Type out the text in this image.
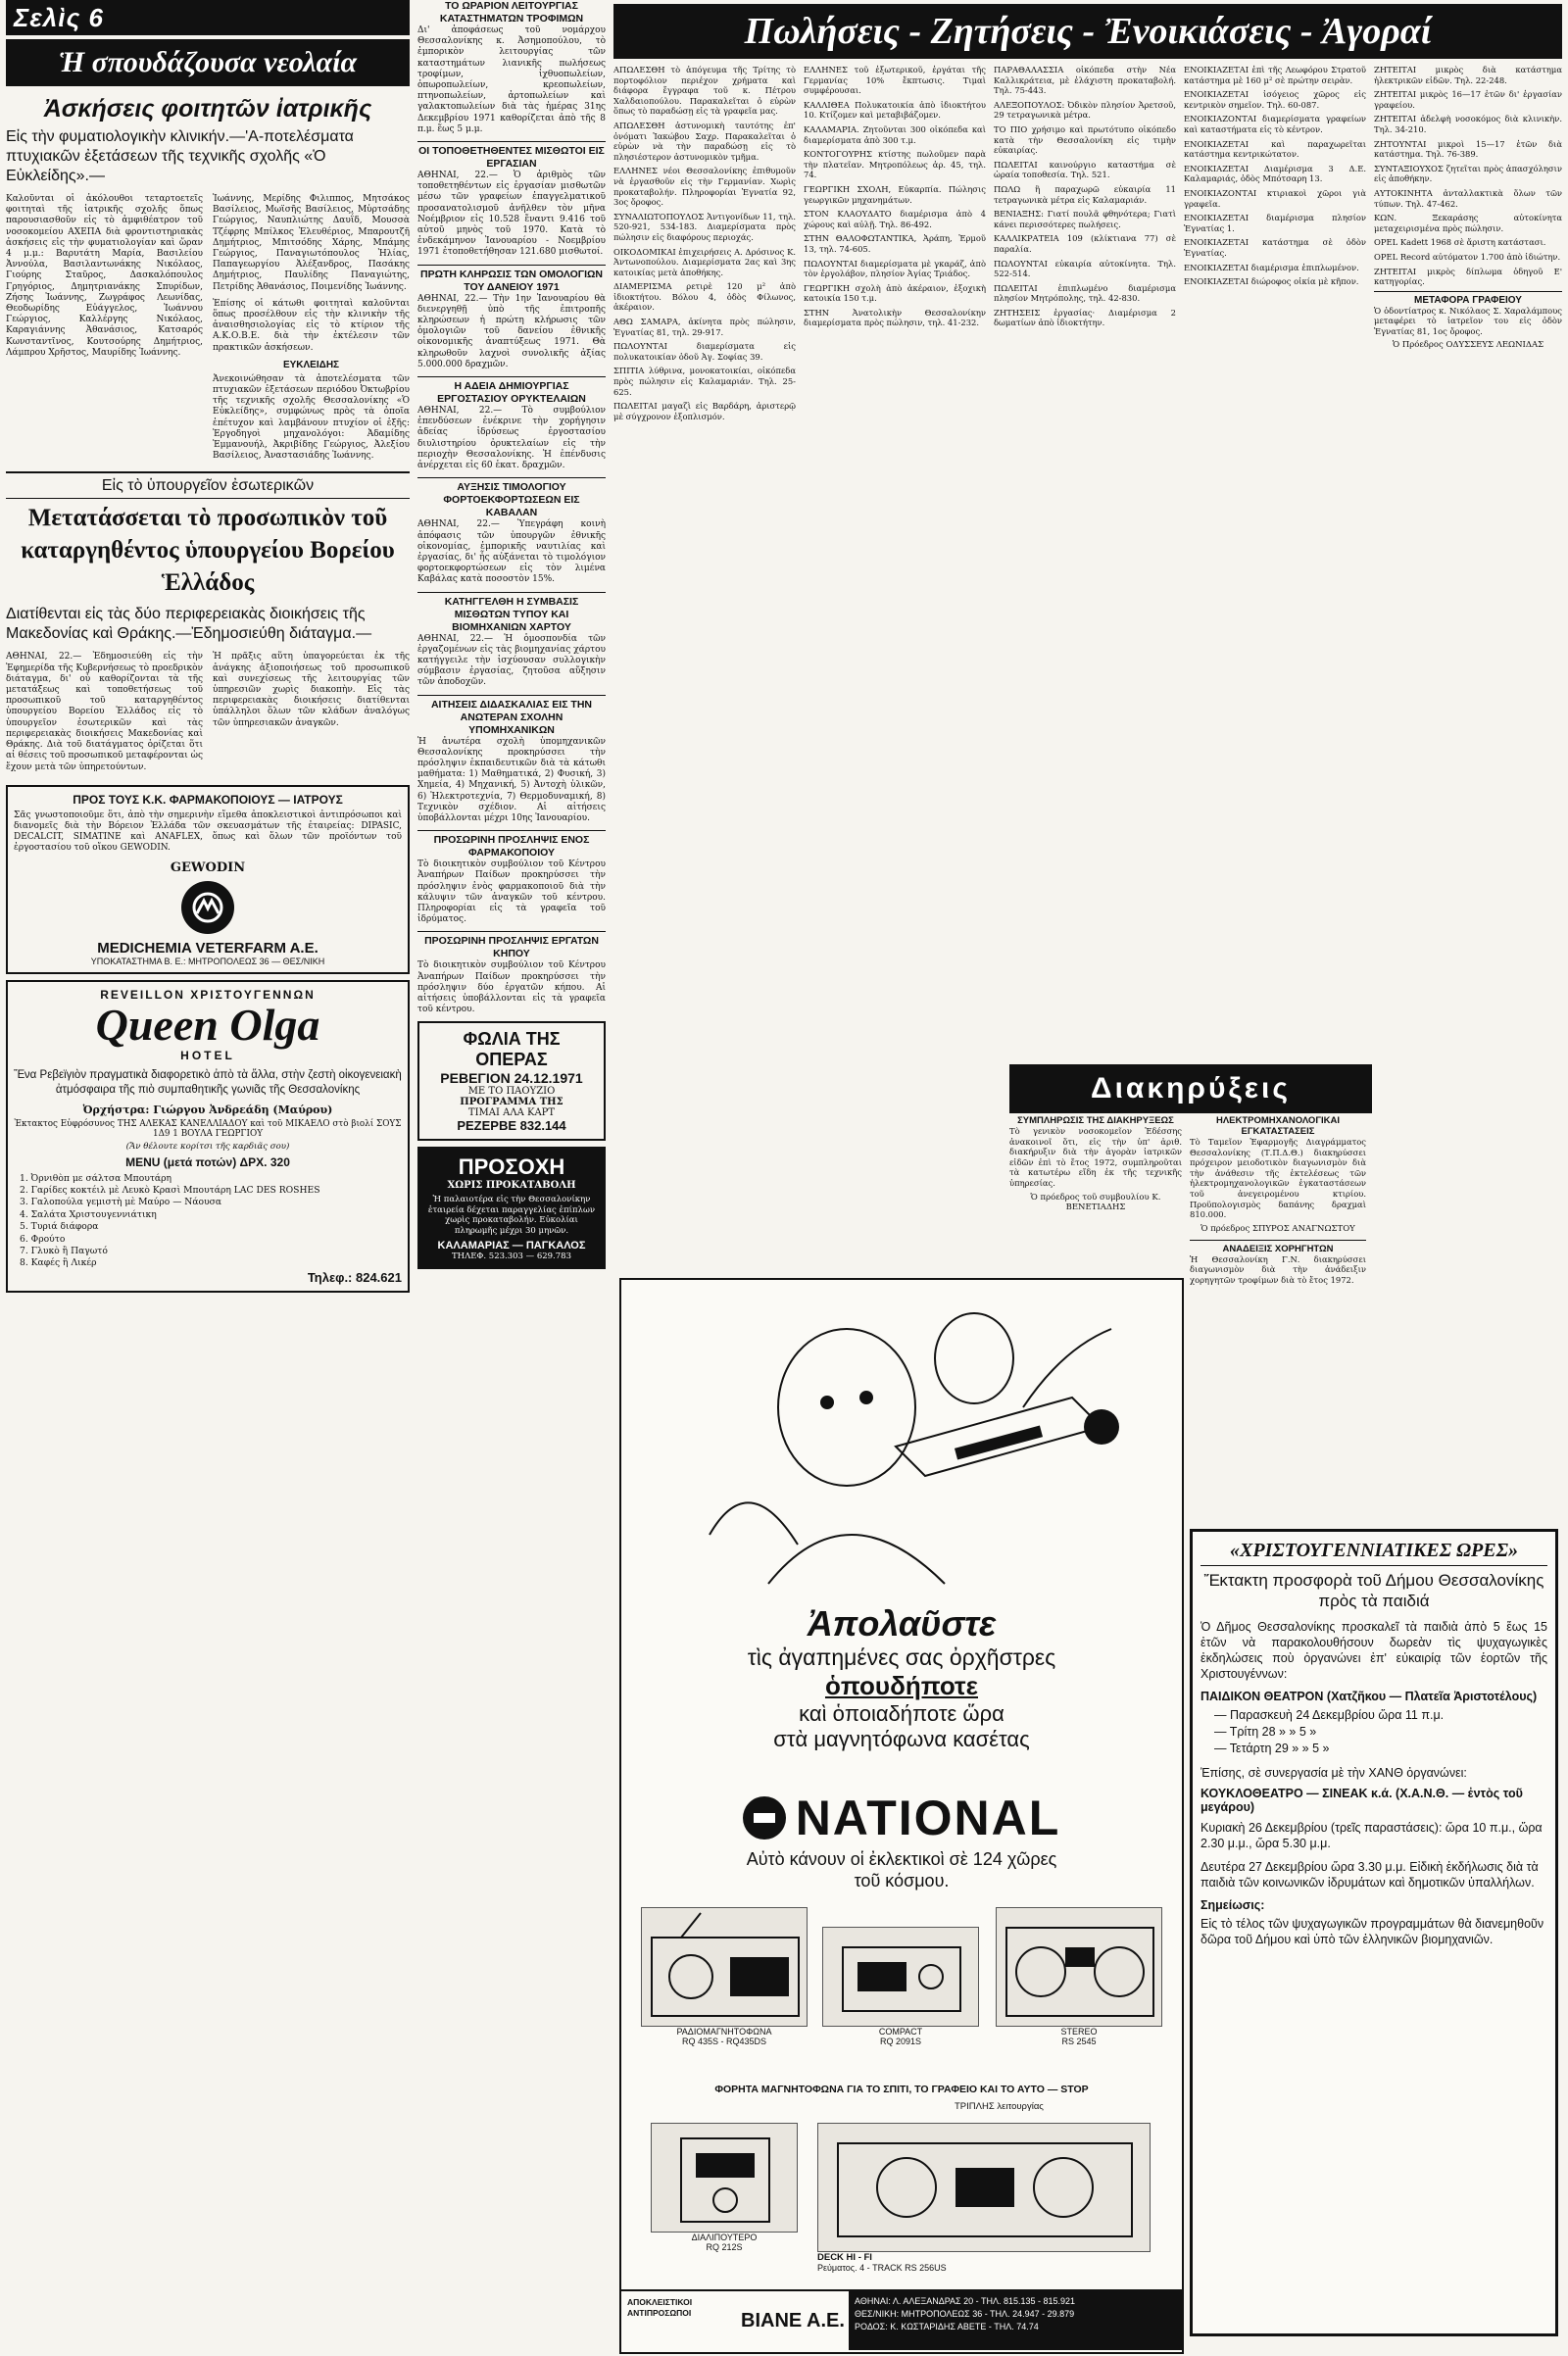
Σελὶς 6
Ἡ σπουδάζουσα νεολαία
Ἀσκήσεις φοιτητῶν ἰατρικῆς
Εἰς τὴν φυματιολογικὴν κλινικήν.—'Α-ποτελέσματα πτυχιακῶν ἐξετάσεων τῆς τεχνικῆς σχολῆς «Ὁ Εὐκλείδης».—

Καλοῦνται οἱ ἀκόλουθοι τεταρτοετεῖς φοιτηταὶ τῆς ἰατρικῆς σχολῆς ὅπως παρουσιασθοῦν εἰς τὸ ἀμφιθέατρον τοῦ νοσοκομείου ΑΧΕΠΑ διὰ φροντιστηριακὰς ἀσκήσεις εἰς τὴν φυματιολογίαν καὶ ὥραν 4 μ.μ.: Βαρυτάτη Μαρία, Βασιλείου Ἀννούλα, Βασιλαντωνάκης Νικόλαος, Γιούρης Σταῦρος, Δασκαλόπουλος Γρηγόριος, Δημητριανάκης Σπυρίδων, Ζήσης Ἰωάννης, Ζωγράφος Λεωνίδας, Θεοδωρίδης Εὐάγγελος, Ἰωάννου Γεώργιος, Καλλέργης Νικόλαος, Καραγιάννης Ἀθανάσιος, Κατσαρός Κωνσταντῖνος, Κουτσούρης Δημήτριος, Λάμπρου Χρῆστος, Μαυρίδης Ἰωάννης.

Ἰωάννης, Μερίδης Φιλιππος, Μητσάκος Βασίλειος, Μωϊσῆς Βασίλειος, Μὑρτσάδης Γεώργιος, Ναυπλιώτης Δαυΐδ, Μουσσὰ Τζέφρης Μπίλκος Ἐλευθέριος, Μπαρουτζῆ Δημήτριος, Μπιτσόδης Χάρης, Μπάμης Γεώργιος, Παναγιωτόπουλος Ἠλίας, Παπαγεωργίου Ἀλέξανδρος, Πασάκης Δημήτριος, Παυλίδης Παναγιώτης, Πετρίδης Ἀθανάσιος, Ποιμενίδης Ἰωάννης.

Ἐπίσης οἱ κάτωθι φοιτηταὶ καλοῦνται ὅπως προσέλθουν εἰς τὴν κλινικὴν τῆς ἀναισθησιολογίας εἰς τὸ κτίριον τῆς Α.Κ.Ο.Β.Ε. διὰ τὴν ἐκτέλεσιν τῶν πρακτικῶν ἀσκήσεων.

ΕΥΚΛΕΙΔΗΣ

Ἀνεκοινώθησαν τὰ ἀποτελέσματα τῶν πτυχιακῶν ἐξετάσεων περιόδου Ὀκτωβρίου τῆς τεχνικῆς σχολῆς Θεσσαλονίκης «Ὁ Εὐκλείδης», συμφώνως πρὸς τὰ ὁποῖα ἐπέτυχον καὶ λαμβάνουν πτυχίον οἱ ἑξῆς: Ἐργοδηγοὶ μηχανολόγοι: Ἀδαμίδης Ἐμμανουήλ, Ἀκριβίδης Γεώργιος, Ἀλεξίου Βασίλειος, Ἀναστασιάδης Ἰωάννης.

Εἰς τὸ ὑπουργεῖον ἐσωτερικῶν
Μετατάσσεται τὸ προσωπικὸν τοῦ καταργηθέντος ὑπουργείου Βορείου Ἑλλάδος
Διατίθενται εἰς τὰς δύο περιφερειακὰς διοικήσεις τῆς Μακεδονίας καὶ Θράκης.—Ἐδημοσιεύθη διάταγμα.—

ΑΘΗΝΑΙ, 22.— Ἐδημοσιεύθη εἰς τὴν Ἐφημερίδα τῆς Κυβερνήσεως τὸ προεδρικὸν διάταγμα, δι' οὗ καθορίζονται τὰ τῆς μετατάξεως καὶ τοποθετήσεως τοῦ προσωπικοῦ τοῦ καταργηθέντος ὑπουργείου Βορείου Ἑλλάδος εἰς τὸ ὑπουργεῖον ἐσωτερικῶν καὶ τὰς περιφερειακὰς διοικήσεις Μακεδονίας καὶ Θράκης. Διὰ τοῦ διατάγματος ὁρίζεται ὅτι αἱ θέσεις τοῦ προσωπικοῦ μεταφέρονται ὡς ἔχουν μετὰ τῶν ὑπηρετούντων.

Ἡ πρᾶξις αὕτη ὑπαγορεύεται ἐκ τῆς ἀνάγκης ἀξιοποιήσεως τοῦ προσωπικοῦ καὶ συνεχίσεως τῆς λειτουργίας τῶν ὑπηρεσιῶν χωρὶς διακοπὴν. Εἰς τὰς περιφερειακὰς διοικήσεις διατίθενται ὑπάλληλοι ὅλων τῶν κλάδων ἀναλόγως τῶν ὑπηρεσιακῶν ἀναγκῶν.

ΠΡΟΣ ΤΟΥΣ Κ.Κ. ΦΑΡΜΑΚΟΠΟΙΟΥΣ — ΙΑΤΡΟΥΣ

Σᾶς γνωστοποιοῦμε ὅτι, ἀπὸ τὴν σημερινὴν εἴμεθα ἀποκλειστικοὶ ἀντιπρόσωποι καὶ διανομεῖς διὰ τὴν Βόρειον Ἑλλάδα τῶν σκευασμάτων τῆς ἐταιρείας: DIPASIC, DECALCIT, SIMATINE καὶ ANAFLEX, ὅπως καὶ ὅλων τῶν προϊόντων τοῦ ἐργοστασίου τοῦ οἴκου GEWODIN.

GEWODIN
MEDICHEMIA VETERFARM A.E.
ΥΠΟΚΑΤΑΣΤΗΜΑ Β. Ε.: ΜΗΤΡΟΠΟΛΕΩΣ 36 — ΘΕΣ/ΝΙΚΗ
REVEILLON ΧΡΙΣΤΟΥΓΕΝΝΩΝ
Queen Olga
HOTEL

Ἕνα Ρεβεϊγιὸν πραγματικὰ διαφορετικὸ ἀπὸ τὰ ἄλλα, στὴν ζεστὴ οἰκογενειακὴ ἀτμόσφαιρα τῆς πιὸ συμπαθητικῆς γωνιᾶς τῆς Θεσσαλονίκης

Ὀρχήστρα: Γιώργου Ἀνδρεάδη (Μαύρου)
Ἐκτακτος Εὐφρόσυνος ΤΗΣ ΑΛΕΚΑΣ ΚΑΝΕΛΛΙΑΔΟΥ καὶ τοῦ ΜΙΚΑΕΛΟ στὸ βιολί ΣΟΥΣ 1Δ9 1 ΒΟΥΛΑ ΓΕΩΡΓΙΟΥ
(Ἄν θέλουτε κορίτσι τῆς καρδιᾶς σου)
MENU (μετά ποτών) ΔΡΧ. 320
1. Ὀρνιθὸπ με σάλτσα Μπουτάρη
2. Γαρίδες κοκτέιλ μὲ Λευκὸ Κρασὶ Μπουτάρη LAC DES ROSHES
3. Γαλοπούλα γεμιστὴ μὲ Μαύρο — Νάουσα
4. Σαλάτα Χριστουγεννιάτικη
5. Τυριά διάφορα
6. Φρούτο
7. Γλυκὸ ἢ Παγωτό
8. Καφές ἢ Λικέρ
Τηλεφ.: 824.621
ΤΟ ΩΡΑΡΙΟΝ ΛΕΙΤΟΥΡΓΙΑΣ ΚΑΤΑΣΤΗΜΑΤΩΝ ΤΡΟΦΙΜΩΝ

Δι' ἀποφάσεως τοῦ νομάρχου Θεσσαλονίκης κ. Ἀσημοπούλου, τὸ ἐμπορικὸν λειτουργίας τῶν καταστημάτων λιανικῆς πωλήσεως τροφίμων, ἰχθυοπωλείων, ὀπωροπωλείων, κρεοπωλείων, πτηνοπωλείων, ἀρτοπωλείων καὶ γαλακτοπωλείων διὰ τὰς ἡμέρας 31ης Δεκεμβρίου 1971 καθορίζεται ἀπὸ τῆς 8 π.μ. ἕως 5 μ.μ.

ΟΙ ΤΟΠΟΘΕΤΗΘΕΝΤΕΣ ΜΙΣΘΩΤΟΙ ΕΙΣ ΕΡΓΑΣΙΑΝ

ΑΘΗΝΑΙ, 22.— Ὁ ἀριθμὸς τῶν τοποθετηθέντων εἰς ἐργασίαν μισθωτῶν μέσω τῶν γραφείων ἐπαγγελματικοῦ προσανατολισμοῦ ἀνῆλθεν τὸν μῆνα Νοέμβριον εἰς 10.528 ἔναντι 9.416 τοῦ αὐτοῦ μηνὸς τοῦ 1970. Κατὰ τὸ ἑνδεκάμηνον Ἰανουαρίου - Νοεμβρίου 1971 ἐτοποθετήθησαν 121.680 μισθωτοί.

ΠΡΩΤΗ ΚΛΗΡΩΣΙΣ ΤΩΝ ΟΜΟΛΟΓΙΩΝ ΤΟΥ ΔΑΝΕΙΟΥ 1971

ΑΘΗΝΑΙ, 22.— Τὴν 1ην Ἰανουαρίου θὰ διενεργηθῇ ὑπὸ τῆς ἐπιτροπῆς κληρώσεων ἡ πρώτη κλήρωσις τῶν ὁμολογιῶν τοῦ δανείου ἐθνικῆς οἰκονομικῆς ἀναπτύξεως 1971. Θὰ κληρωθοῦν λαχνοὶ συνολικῆς ἀξίας 5.000.000 δραχμῶν.

Η ΑΔΕΙΑ ΔΗΜΙΟΥΡΓΙΑΣ ΕΡΓΟΣΤΑΣΙΟΥ ΟΡΥΚΤΕΛΑΙΩΝ

ΑΘΗΝΑΙ, 22.— Τὸ συμβούλιον ἐπενδύσεων ἐνέκρινε τὴν χορήγησιν ἀδείας ἱδρύσεως ἐργοστασίου διυλιστηρίου ὀρυκτελαίων εἰς τὴν περιοχὴν Θεσσαλονίκης. Ἡ ἐπένδυσις ἀνέρχεται εἰς 60 ἑκατ. δραχμῶν.

ΑΥΞΗΣΙΣ ΤΙΜΟΛΟΓΙΟΥ ΦΟΡΤΟΕΚΦΟΡΤΩΣΕΩΝ ΕΙΣ ΚΑΒΑΛΑΝ

ΑΘΗΝΑΙ, 22.— Ὑπεγράφη κοινὴ ἀπόφασις τῶν ὑπουργῶν ἐθνικῆς οἰκονομίας, ἐμπορικῆς ναυτιλίας καὶ ἐργασίας, δι' ἧς αὐξάνεται τὸ τιμολόγιον φορτοεκφορτώσεων εἰς τὸν λιμένα Καβάλας κατὰ ποσοστὸν 15%.

ΚΑΤΗΓΓΕΛΘΗ Η ΣΥΜΒΑΣΙΣ ΜΙΣΘΩΤΩΝ ΤΥΠΟΥ ΚΑΙ ΒΙΟΜΗΧΑΝΙΩΝ ΧΑΡΤΟΥ

ΑΘΗΝΑΙ, 22.— Ἡ ὁμοσπονδία τῶν ἐργαζομένων εἰς τὰς βιομηχανίας χάρτου κατήγγειλε τὴν ἰσχύουσαν συλλογικὴν σύμβασιν ἐργασίας, ζητοῦσα αὔξησιν τῶν ἀποδοχῶν.

ΑΙΤΗΣΕΙΣ ΔΙΔΑΣΚΑΛΙΑΣ ΕΙΣ ΤΗΝ ΑΝΩΤΕΡΑΝ ΣΧΟΛΗΝ ΥΠΟΜΗΧΑΝΙΚΩΝ

Ἡ ἀνωτέρα σχολὴ ὑπομηχανικῶν Θεσσαλονίκης προκηρύσσει τὴν πρόσληψιν ἐκπαιδευτικῶν διὰ τὰ κάτωθι μαθήματα: 1) Μαθηματικά, 2) Φυσική, 3) Χημεία, 4) Μηχανική, 5) Ἀντοχὴ ὑλικῶν, 6) Ἠλεκτροτεχνία, 7) Θερμοδυναμική, 8) Τεχνικὸν σχέδιον. Αἱ αἰτήσεις ὑποβάλλονται μέχρι 10ης Ἰανουαρίου.

ΠΡΟΣΩΡΙΝΗ ΠΡΟΣΛΗΨΙΣ ΕΝΟΣ ΦΑΡΜΑΚΟΠΟΙΟΥ

Τὸ διοικητικὸν συμβούλιον τοῦ Κέντρου Ἀναπήρων Παίδων προκηρύσσει τὴν πρόσληψιν ἑνὸς φαρμακοποιοῦ διὰ τὴν κάλυψιν τῶν ἀναγκῶν τοῦ κέντρου. Πληροφορίαι εἰς τὰ γραφεῖα τοῦ ἱδρύματος.

ΠΡΟΣΩΡΙΝΗ ΠΡΟΣΛΗΨΙΣ ΕΡΓΑΤΩΝ ΚΗΠΟΥ

Τὸ διοικητικὸν συμβούλιον τοῦ Κέντρου Ἀναπήρων Παίδων προκηρύσσει τὴν πρόσληψιν δύο ἐργατῶν κήπου. Αἱ αἰτήσεις ὑποβάλλονται εἰς τὰ γραφεῖα τοῦ κέντρου.

ΦΩΛΙΑ ΤΗΣ ΟΠΕΡΑΣ
ΡΕΒΕΓΙΟΝ 24.12.1971
ΜΕ ΤΟ ΠΑΟΥΖΙΟ
ΠΡΟΓΡΑΜΜΑ ΤΗΣ
ΤΙΜΑΙ ΑΛΑ ΚΑΡΤ
ΡΕΖΕΡΒΕ 832.144
ΠΡΟΣΟΧΗ
ΧΩΡΙΣ ΠΡΟΚΑΤΑΒΟΛΗ

Ἡ παλαιοτέρα εἰς τὴν Θεσσαλονίκην ἐταιρεία δέχεται παραγγελίας ἐπίπλων χωρὶς προκαταβολήν. Εὐκολίαι πληρωμῆς μέχρι 30 μηνῶν.

ΚΑΛΑΜΑΡΙΑΣ — ΠΑΓΚΑΛΟΣ
ΤΗΛΕΦ. 523.303 — 629.783
Πωλήσεις - Ζητήσεις - Ἐνοικιάσεις - Ἀγοραί

ΑΠΩΛΕΣΘΗ τὸ ἀπόγευμα τῆς Τρίτης τὸ πορτοφόλιον περιέχον χρήματα καὶ διάφορα ἔγγραφα τοῦ κ. Πέτρου Χαλδαιοπούλου. Παρακαλεῖται ὁ εὑρὼν ὅπως τὸ παραδώσῃ εἰς τὰ γραφεῖα μας.

ΑΠΩΛΕΣΘΗ ἀστυνομικὴ ταυτότης ἐπ' ὀνόματι Ἰακώβου Σαχρ. Παρακαλεῖται ὁ εὑρὼν νὰ τὴν παραδώσῃ εἰς τὸ πλησιέστερον ἀστυνομικὸν τμῆμα.

ΕΛΛΗΝΕΣ νέοι Θεσσαλονίκης ἐπιθυμοῦν νὰ ἐργασθοῦν εἰς τὴν Γερμανίαν. Χωρὶς προκαταβολήν. Πληροφορίαι Ἐγνατία 92, 3ος ὄροφος.

ΣΥΝΑΛΙΩΤΟΠΟΥΛΟΣ Ἀντιγονίδων 11, τηλ. 520-921, 534-183. Διαμερίσματα πρὸς πώλησιν εἰς διαφόρους περιοχάς.

ΟΙΚΟΔΟΜΙΚΑΙ ἐπιχειρήσεις Α. Δρόσινος Κ. Ἀντωνοπούλου. Διαμερίσματα 2ας καὶ 3ης κατοικίας μετὰ ἀποθήκης.

ΔΙΑΜΕΡΙΣΜΑ ρετιρὲ 120 μ² ἀπὸ ἰδιοκτήτου. Βόλου 4, ὁδὸς Φίλωνος, ἀκέραιον.

ΑΘΩ ΣΑΜΑΡΑ, ἀκίνητα πρὸς πώλησιν, Ἐγνατίας 81, τηλ. 29-917.

ΠΩΛΟΥΝΤΑΙ διαμερίσματα εἰς πολυκατοικίαν ὀδοῦ Ἀγ. Σοφίας 39.

ΣΠΙΤΙΑ λύθρινα, μονοκατοικίαι, οἰκόπεδα πρὸς πώλησιν εἰς Καλαμαριάν. Τηλ. 25-625.

ΠΩΛΕΙΤΑΙ μαγαζὶ εἰς Βαρδάρη, ἀριστερῷ μὲ σύγχρονον ἐξοπλισμόν.

ΕΛΛΗΝΕΣ τοῦ ἐξωτερικοῦ, ἐργάται τῆς Γερμανίας 10% ἔκπτωσις. Τιμαὶ συμφέρουσαι.

ΚΑΛΛΙΘΕΑ Πολυκατοικία ἀπὸ ἰδιοκτήτου 10. Κτίζομεν καὶ μεταβιβάζομεν.

ΚΑΛΑΜΑΡΙΑ. Ζητοῦνται 300 οἰκόπεδα καὶ διαμερίσματα ἀπὸ 300 τ.μ.

ΚΟΝΤΟΓΟΥΡΗΣ κτίστης πωλοῦμεν παρὰ τὴν πλατεῖαν. Μητροπόλεως ἀρ. 45, τηλ. 74.

ΓΕΩΡΓΙΚΗ ΣΧΟΛΗ, Εὐκαρπία. Πώλησις γεωργικῶν μηχανημάτων.

ΣΤΟΝ ΚΛΑΟΥΔΑΤΟ διαμέρισμα ἀπὸ 4 χώρους καὶ αὐλῇ. Τηλ. 86-492.

ΣΤΗΝ ΘΑΛΟΦΩΤΑΝΤΙΚΑ, Ἀράπη, Ἐρμοῦ 13, τηλ. 74-605.

ΠΩΛΟΥΝΤΑΙ διαμερίσματα μὲ γκαράζ, ἀπὸ τὸν ἐργολάβον, πλησίον Ἀγίας Τριάδος.

ΓΕΩΡΓΙΚΗ σχολὴ ἀπὸ ἀκέραιον, ἐξοχικὴ κατοικία 150 τ.μ.

ΣΤΗΝ Ἀνατολικὴν Θεσσαλονίκην διαμερίσματα πρὸς πώλησιν, τηλ. 41-232.

ΠΑΡΑΘΑΛΑΣΣΙΑ οἰκόπεδα στὴν Νέα Καλλικράτεια, μὲ ἐλάχιστη προκαταβολή. Τηλ. 75-443.

ΑΛΕΞΟΠΟΥΛΟΣ: Ὀδικὸν πλησίον Ἀρετσοῦ, 29 τετραγωνικὰ μέτρα.

ΤΟ ΠΙΟ χρήσιμο καὶ πρωτότυπο οἰκόπεδο κατὰ τὴν Θεσσαλονίκη εἰς τιμὴν εὐκαιρίας.

ΠΩΛΕΙΤΑΙ καινούργιο καταστήμα σὲ ὡραία τοποθεσία. Τηλ. 521.

ΠΩΛΩ ἢ παραχωρῶ εὐκαιρία 11 τετραγωνικὰ μέτρα εἰς Καλαμαριάν.

ΒΕΝΙΑΞΗΣ: Γιατί πουλᾶ φθηνότερα; Γιατὶ κάνει περισσότερες πωλήσεις.

ΚΑΛΛΙΚΡΑΤΕΙΑ 109 (κλίκτιανα 77) σὲ παραλία.

ΠΩΛΟΥΝΤΑΙ εὐκαιρία αὐτοκίνητα. Τηλ. 522-514.

ΠΩΛΕΙΤΑΙ ἐπιπλωμένο διαμέρισμα πλησίον Μητρόπολης, τηλ. 42-830.

ΖΗΤΗΣΕΙΣ ἐργασίας· Διαμέρισμα 2 δωματίων ἀπὸ ἰδιοκτήτην.

ΕΝΟΙΚΙΑΖΕΤΑΙ ἐπὶ τῆς Λεωφόρου Στρατοῦ κατάστημα μὲ 160 μ² σὲ πρώτην σειρὰν.

ΕΝΟΙΚΙΑΖΕΤΑΙ ἰσόγειος χῶρος εἰς κεντρικὸν σημεῖον. Τηλ. 60-087.

ΕΝΟΙΚΙΑΖΟΝΤΑΙ διαμερίσματα γραφείων καὶ καταστήματα εἰς τὸ κέντρον.

ΕΝΟΙΚΙΑΖΕΤΑΙ καὶ παραχωρεῖται κατάστημα κεντρικώτατον.

ΕΝΟΙΚΙΑΖΕΤΑΙ Διαμέρισμα 3 Δ.Ε. Καλαμαριάς, ὁδὸς Μπότσαρη 13.

ΕΝΟΙΚΙΑΖΟΝΤΑΙ κτιριακοὶ χῶροι γιὰ γραφεῖα.

ΕΝΟΙΚΙΑΖΕΤΑΙ διαμέρισμα πλησίον Ἐγνατίας 1.

ΕΝΟΙΚΙΑΖΕΤΑΙ κατάστημα σὲ ὁδὸν Ἐγνατίας.

ΕΝΟΙΚΙΑΖΕΤΑΙ διαμέρισμα ἐπιπλωμένον.

ΕΝΟΙΚΙΑΖΕΤΑΙ διώροφος οἰκία μὲ κῆπον.

ΖΗΤΕΙΤΑΙ μικρὸς διὰ κατάστημα ἠλεκτρικῶν εἰδῶν. Τηλ. 22-248.

ΖΗΤΕΙΤΑΙ μικρὸς 16—17 ἐτῶν δι' ἐργασίαν γραφείου.

ΖΗΤΕΙΤΑΙ ἀδελφὴ νοσοκόμος διὰ κλινικὴν. Τηλ. 34-210.

ΖΗΤΟΥΝΤΑΙ μικροὶ 15—17 ἐτῶν διὰ κατάστημα. Τηλ. 76-389.

ΣΥΝΤΑΞΙΟΥΧΟΣ ζητεῖται πρὸς ἀπασχόλησιν εἰς ἀποθήκην.

ΑΥΤΟΚΙΝΗΤΑ ἀνταλλακτικὰ ὅλων τῶν τύπων. Τηλ. 47-462.

ΚΩΝ. Ξεκαράσης αὐτοκίνητα μεταχειρισμένα πρὸς πώλησιν.

OPEL Kadett 1968 σὲ ἄριστη κατάστασι.

OPEL Record αὐτόματον 1.700 ἀπὸ ἰδιώτην.

ΖΗΤΕΙΤΑΙ μικρὸς δίπλωμα ὁδηγοῦ Ε' κατηγορίας.

ΜΕΤΑΦΟΡΑ ΓΡΑΦΕΙΟΥ

Ὁ ὀδοντίατρος κ. Νικόλαος Σ. Χαραλάμπους μεταφέρει τὸ ἰατρεῖον του εἰς ὁδὸν Ἐγνατίας 81, 1ος ὄροφος.

Ὁ Πρόεδρος ΟΔΥΣΣΕΥΣ ΛΕΩΝΙΔΑΣ
Διακηρύξεις
ΣΥΜΠΛΗΡΩΣΙΣ ΤΗΣ ΔΙΑΚΗΡΥΞΕΩΣ

Τὸ γενικὸν νοσοκομεῖον Ἐδέσσης ἀνακοινοῖ ὅτι, εἰς τὴν ὑπ' ἀριθ. διακήρυξιν διὰ τὴν ἀγορὰν ἰατρικῶν εἰδῶν ἐπὶ τὸ ἔτος 1972, συμπληροῦται τὰ κατωτέρω εἴδη ἐκ τῆς τεχνικῆς ὑπηρεσίας.

Ὁ πρόεδρος τοῦ συμβουλίου Κ. ΒΕΝΕΤΙΑΔΗΣ
ΗΛΕΚΤΡΟΜΗΧΑΝΟΛΟΓΙΚΑΙ ΕΓΚΑΤΑΣΤΑΣΕΙΣ

Τὸ Ταμεῖον Ἐφαρμογῆς Διαγράμματος Θεσσαλονίκης (Τ.Π.Δ.Θ.) διακηρύσσει πρόχειρον μειοδοτικὸν διαγωνισμὸν διὰ τὴν ἀνάθεσιν τῆς ἐκτελέσεως τῶν ἠλεκτρομηχανολογικῶν ἐγκαταστάσεων τοῦ ἀνεγειρομένου κτιρίου. Προϋπολογισμὸς δαπάνης δραχμαὶ 810.000.

Ὁ πρόεδρος ΣΠΥΡΟΣ ΑΝΑΓΝΩΣΤΟΥ
ΑΝΑΔΕΙΞΙΣ ΧΟΡΗΓΗΤΩΝ

Ἡ Θεσσαλονίκη Γ.Ν. διακηρύσσει διαγωνισμὸν διὰ τὴν ἀνάδειξιν χορηγητῶν τροφίμων διὰ τὸ ἔτος 1972.

Ἀπολαῦστε
τὶς ἀγαπημένες σας ὀρχῆστρες
ὁπουδήποτε
καὶ ὁποιαδήποτε ὥρα
στὰ μαγνητόφωνα κασέτας
NATIONAL
Αὐτὸ κάνουν οἱ ἐκλεκτικοὶ σὲ 124 χῶρες τοῦ κόσμου.
ΡΑΔΙΟΜΑΓΝΗΤΟΦΩΝΑ
RQ 435S - RQ435DS
COMPACT
RQ 2091S
STEREO
RS 2545
ΦΟΡΗΤΑ ΜΑΓΝΗΤΟΦΩΝΑ ΓΙΑ ΤΟ ΣΠΙΤΙ, ΤΟ ΓΡΑΦΕΙΟ ΚΑΙ ΤΟ ΑΥΤΟ — STOP
ΤΡΙΠΛΗΣ λειτουργίας
ΔΙΑΛΙΠΟΥΤΕΡΟ
RQ 212S
DECK HI - FI
Ρεύματος. 4 - TRACK RS 256US
ΑΠΟΚΛΕΙΣΤΙΚΟΙ ΑΝΤΙΠΡΟΣΩΠΟΙ	ΒΙΑΝΕ Α.Ε.
ΑΘΗΝΑΙ: Λ. ΑΛΕΞΑΝΔΡΑΣ 20 - ΤΗΛ. 815.135 - 815.921
ΘΕΣ/ΝΙΚΗ: ΜΗΤΡΟΠΟΛΕΩΣ 36 - ΤΗΛ. 24.947 - 29.879
ΡΟΔΟΣ: Κ. ΚΩΣΤΑΡΙΔΗΣ ΑΒΕΤΕ - ΤΗΛ. 74.74
«ΧΡΙΣΤΟΥΓΕΝΝΙΑΤΙΚΕΣ ΩΡΕΣ»

Ἔκτακτη προσφορὰ τοῦ Δήμου Θεσσαλονίκης πρὸς τὰ παιδιά

Ὁ Δῆμος Θεσσαλονίκης προσκαλεῖ τὰ παιδιὰ ἀπὸ 5 ἕως 15 ἐτῶν νὰ παρακολουθήσουν δωρεὰν τὶς ψυχαγωγικὲς ἐκδηλώσεις ποὺ ὀργανώνει ἐπ' εὐκαιρίᾳ τῶν ἑορτῶν τῆς Χριστουγέννων:

ΠΑΙΔΙΚΟΝ ΘΕΑΤΡΟΝ (Χατζῆκου — Πλατεῖα Ἀριστοτέλους)
— Παρασκευὴ 24 Δεκεμβρίου ὥρα 11 π.μ.
— Τρίτη 28 » » 5 »
— Τετάρτη 29 » » 5 »

Ἐπίσης, σὲ συνεργασία μὲ τὴν ΧΑΝΘ ὀργανώνει:

ΚΟΥΚΛΟΘΕΑΤΡΟ — ΣΙΝΕΑΚ κ.ά. (Χ.Α.Ν.Θ. — ἐντὸς τοῦ μεγάρου)

Κυριακὴ 26 Δεκεμβρίου (τρεῖς παραστάσεις): ὥρα 10 π.μ., ὥρα 2.30 μ.μ., ὥρα 5.30 μ.μ.

Δευτέρα 27 Δεκεμβρίου ὥρα 3.30 μ.μ. Εἰδικὴ ἐκδήλωσις διὰ τὰ παιδιὰ τῶν κοινωνικῶν ἱδρυμάτων καὶ δημοτικῶν ὑπαλλήλων.

Σημείωσις:

Εἰς τὸ τέλος τῶν ψυχαγωγικῶν προγραμμάτων θὰ διανεμηθοῦν δῶρα τοῦ Δήμου καὶ ὑπὸ τῶν ἑλληνικῶν βιομηχανιῶν.
